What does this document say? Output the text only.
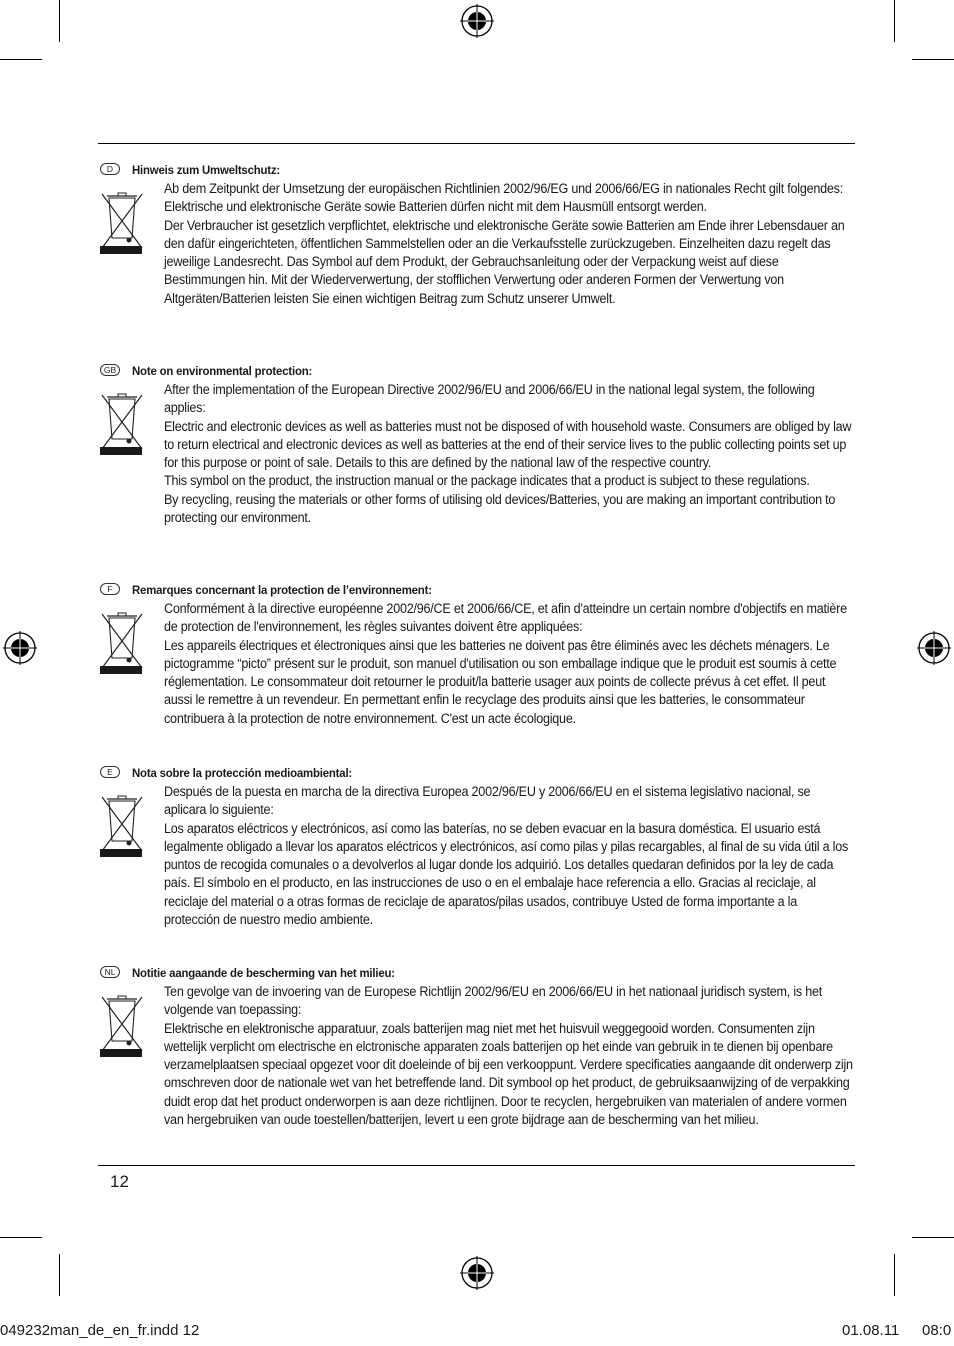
D	Hinweis zum Umweltschutz:

Ab dem Zeitpunkt der Umsetzung der europäischen Richtlinien 2002/96/EG und 2006/66/EG in nationales Recht gilt folgendes:

Elektrische und elektronische Geräte sowie Batterien dürfen nicht mit dem Hausmüll entsorgt werden.

Der Verbraucher ist gesetzlich verpflichtet, elektrische und elektronische Geräte sowie Batterien am Ende ihrer Lebensdauer an den dafür eingerichteten, öffentlichen Sammelstellen oder an die Verkaufsstelle zurückzugeben. Einzelheiten dazu regelt das jeweilige Landesrecht. Das Symbol auf dem Produkt, der Gebrauchsanleitung oder der Verpackung weist auf diese Bestimmungen hin. Mit der Wiederverwertung, der stofflichen Verwertung oder anderen Formen der Verwertung von Altgeräten/Batterien leisten Sie einen wichtigen Beitrag zum Schutz unserer Umwelt.

GB	Note on environmental protection:

After the implementation of the European Directive 2002/96/EU and 2006/66/EU in the national legal system, the following applies:

Electric and electronic devices as well as batteries must not be disposed of with household waste. Consumers are obliged by law to return electrical and electronic devices as well as batteries at the end of their service lives to the public collecting points set up for this purpose or point of sale. Details to this are defined by the national law of the respective country.

This symbol on the product, the instruction manual or the package indicates that a product is subject to these regulations.

By recycling, reusing the materials or other forms of utilising old devices/Batteries, you are making an important contribution to protecting our environment.

F	Remarques concernant la protection de l’environnement:

Conformément à la directive européenne 2002/96/CE et 2006/66/CE, et afin d'atteindre un certain nombre d'objectifs en matière de protection de l'environnement, les règles suivantes doivent être appliquées:

Les appareils électriques et électroniques ainsi que les batteries ne doivent pas être éliminés avec les déchets ménagers. Le pictogramme “picto” présent sur le produit, son manuel d'utilisation ou son emballage indique que le produit est soumis à cette réglementation. Le consommateur doit retourner le produit/la batterie usager aux points de collecte prévus à cet effet. Il peut aussi le remettre à un revendeur. En permettant enfin le recyclage des produits ainsi que les batteries, le consommateur contribuera à la protection de notre environnement. C'est un acte écologique.

E	Nota sobre la protección medioambiental:

Después de la puesta en marcha de la directiva Europea 2002/96/EU y 2006/66/EU en el sistema legislativo nacional, se aplicara lo siguiente:

Los aparatos eléctricos y electrónicos, así como las baterías, no se deben evacuar en la basura doméstica. El usuario está legalmente obligado a llevar los aparatos eléctricos y electrónicos, así como pilas y pilas recargables, al final de su vida útil a los puntos de recogida comunales o a devolverlos al lugar donde los adquirió. Los detalles quedaran definidos por la ley de cada país. El símbolo en el producto, en las instrucciones de uso o en el embalaje hace referencia a ello. Gracias al reciclaje, al reciclaje del material o a otras formas de reciclaje de aparatos/pilas usados, contribuye Usted de forma importante a la protección de nuestro medio ambiente.

NL	Notitie aangaande de bescherming van het milieu:

Ten gevolge van de invoering van de Europese Richtlijn 2002/96/EU en 2006/66/EU in het nationaal juridisch system, is het volgende van toepassing:

Elektrische en elektronische apparatuur, zoals batterijen mag niet met het huisvuil weggegooid worden. Consumenten zijn wettelijk verplicht om electrische en elctronische apparaten zoals batterijen op het einde van gebruik in te dienen bij openbare verzamelplaatsen speciaal opgezet voor dit doeleinde of bij een verkooppunt. Verdere specificaties aangaande dit onderwerp zijn omschreven door de nationale wet van het betreffende land. Dit symbool op het product, de gebruiksaanwijzing of de verpakking duidt erop dat het product onderworpen is aan deze richtlijnen. Door te recyclen, hergebruiken van materialen of andere vormen van hergebruiken van oude toestellen/batterijen, levert u een grote bijdrage aan de bescherming van het milieu.

12
049232man_de_en_fr.indd 12	01.08.11 08:0
